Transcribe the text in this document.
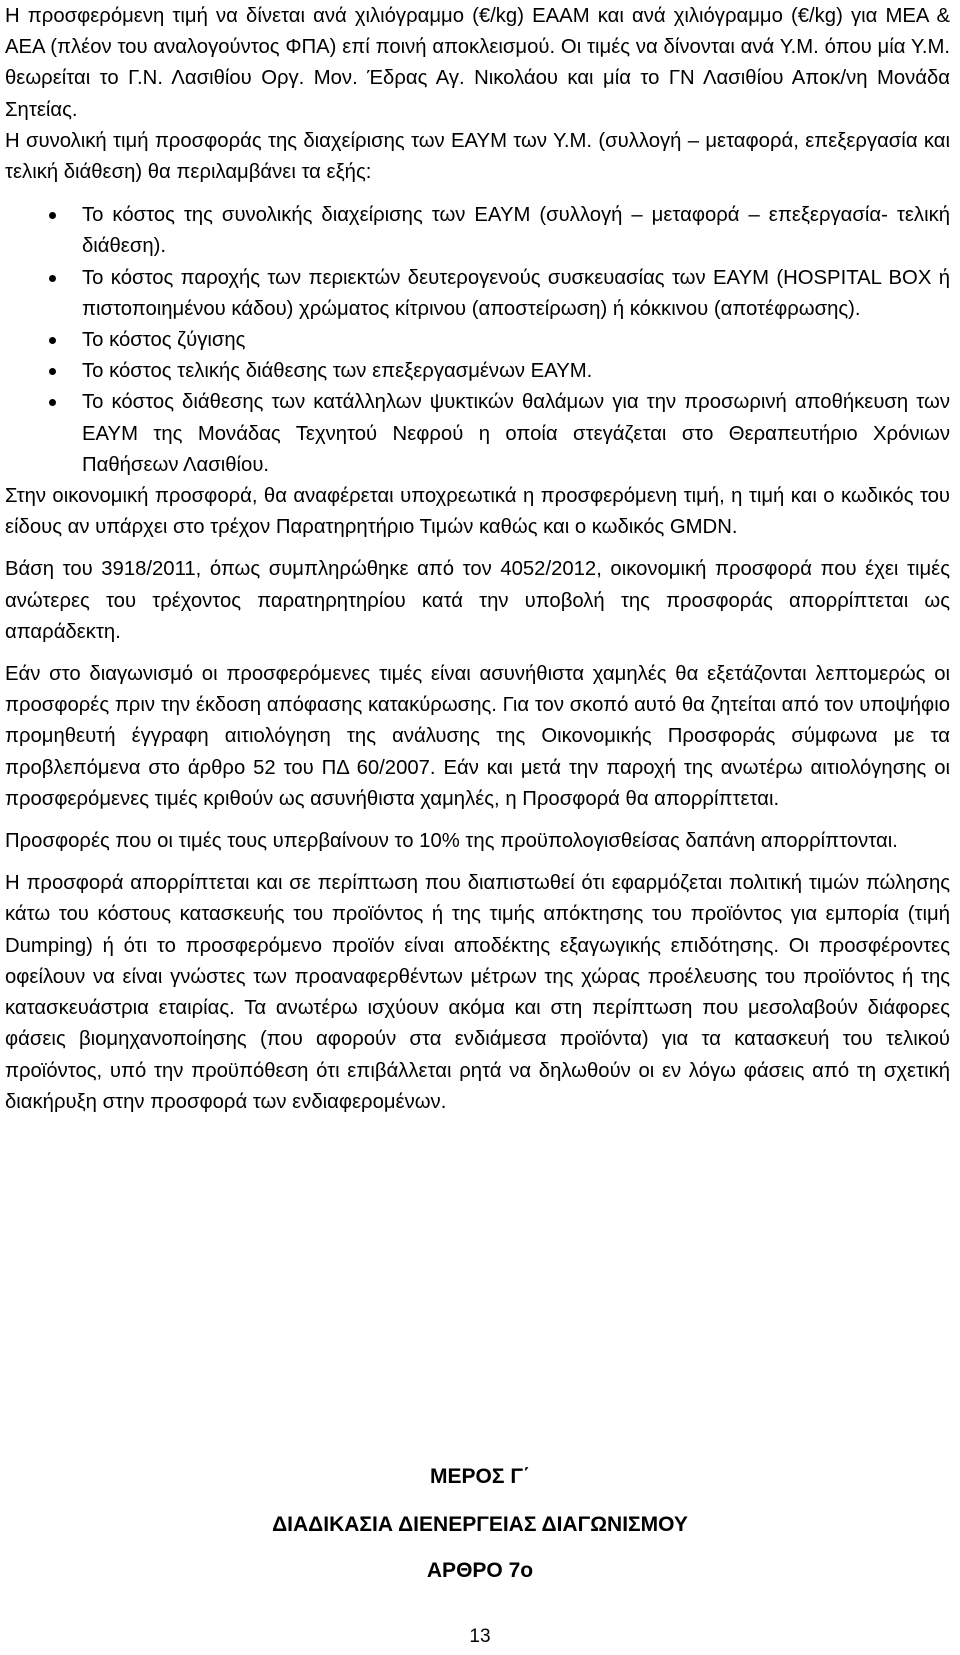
Η προσφερόμενη τιμή να δίνεται ανά χιλιόγραμμο (€/kg) ΕΑΑΜ και ανά χιλιόγραμμο (€/kg) για ΜΕΑ & ΑΕΑ (πλέον του αναλογούντος ΦΠΑ) επί ποινή αποκλεισμού. Οι τιμές να δίνονται ανά Υ.Μ. όπου μία Υ.Μ. θεωρείται το Γ.Ν. Λασιθίου Οργ. Μον. Έδρας Αγ. Νικολάου και μία το ΓΝ Λασιθίου Αποκ/νη Μονάδα Σητείας.

Η συνολική τιμή προσφοράς της διαχείρισης των ΕΑΥΜ των Υ.Μ. (συλλογή – μεταφορά, επεξεργασία και τελική διάθεση) θα περιλαμβάνει τα εξής:

Το κόστος της συνολικής διαχείρισης των ΕΑΥΜ (συλλογή – μεταφορά – επεξεργασία- τελική διάθεση).
Το κόστος παροχής των περιεκτών δευτερογενούς συσκευασίας των ΕΑΥΜ (HOSPITAL BOX ή πιστοποιημένου κάδου) χρώματος κίτρινου (αποστείρωση) ή κόκκινου (αποτέφρωσης).
Το κόστος ζύγισης
Το κόστος τελικής διάθεσης των επεξεργασμένων ΕΑΥΜ.
Το κόστος διάθεσης των κατάλληλων ψυκτικών θαλάμων για την προσωρινή αποθήκευση των ΕΑΥΜ της Μονάδας Τεχνητού Νεφρού η οποία στεγάζεται στο Θεραπευτήριο Χρόνιων Παθήσεων Λασιθίου.

Στην οικονομική προσφορά, θα αναφέρεται υποχρεωτικά η προσφερόμενη τιμή, η τιμή και ο κωδικός του είδους αν υπάρχει στο τρέχον Παρατηρητήριο Τιμών καθώς και ο κωδικός GMDN.

Βάση του 3918/2011, όπως συμπληρώθηκε από τον 4052/2012, οικονομική προσφορά που έχει τιμές ανώτερες του τρέχοντος παρατηρητηρίου κατά την υποβολή της προσφοράς απορρίπτεται ως απαράδεκτη.

Εάν στο διαγωνισμό οι προσφερόμενες τιμές είναι ασυνήθιστα χαμηλές θα εξετάζονται λεπτομερώς οι προσφορές πριν την έκδοση απόφασης κατακύρωσης. Για τον σκοπό αυτό θα ζητείται από τον υποψήφιο προμηθευτή έγγραφη αιτιολόγηση της ανάλυσης της Οικονομικής Προσφοράς σύμφωνα με τα προβλεπόμενα στο άρθρο 52 του ΠΔ 60/2007. Εάν και μετά την παροχή της ανωτέρω αιτιολόγησης οι προσφερόμενες τιμές κριθούν ως ασυνήθιστα χαμηλές, η Προσφορά θα απορρίπτεται.

Προσφορές που οι τιμές τους υπερβαίνουν το 10% της προϋπολογισθείσας δαπάνη απορρίπτονται.

Η προσφορά απορρίπτεται και σε περίπτωση που διαπιστωθεί ότι εφαρμόζεται πολιτική τιμών πώλησης κάτω του κόστους κατασκευής του προϊόντος ή της τιμής απόκτησης του προϊόντος για εμπορία (τιμή Dumping) ή ότι το προσφερόμενο προϊόν είναι αποδέκτης εξαγωγικής επιδότησης. Οι προσφέροντες οφείλουν να είναι γνώστες των προαναφερθέντων μέτρων της χώρας προέλευσης του προϊόντος ή της κατασκευάστρια εταιρίας. Τα ανωτέρω ισχύουν ακόμα και στη περίπτωση που μεσολαβούν διάφορες φάσεις βιομηχανοποίησης (που αφορούν στα ενδιάμεσα προϊόντα) για τα κατασκευή του τελικού προϊόντος, υπό την προϋπόθεση ότι επιβάλλεται ρητά να δηλωθούν οι εν λόγω φάσεις από τη σχετική διακήρυξη στην προσφορά των ενδιαφερομένων.

ΜΕΡΟΣ Γ΄
ΔΙΑΔΙΚΑΣΙΑ ΔΙΕΝΕΡΓΕΙΑΣ ΔΙΑΓΩΝΙΣΜΟΥ
ΑΡΘΡΟ 7ο
13
